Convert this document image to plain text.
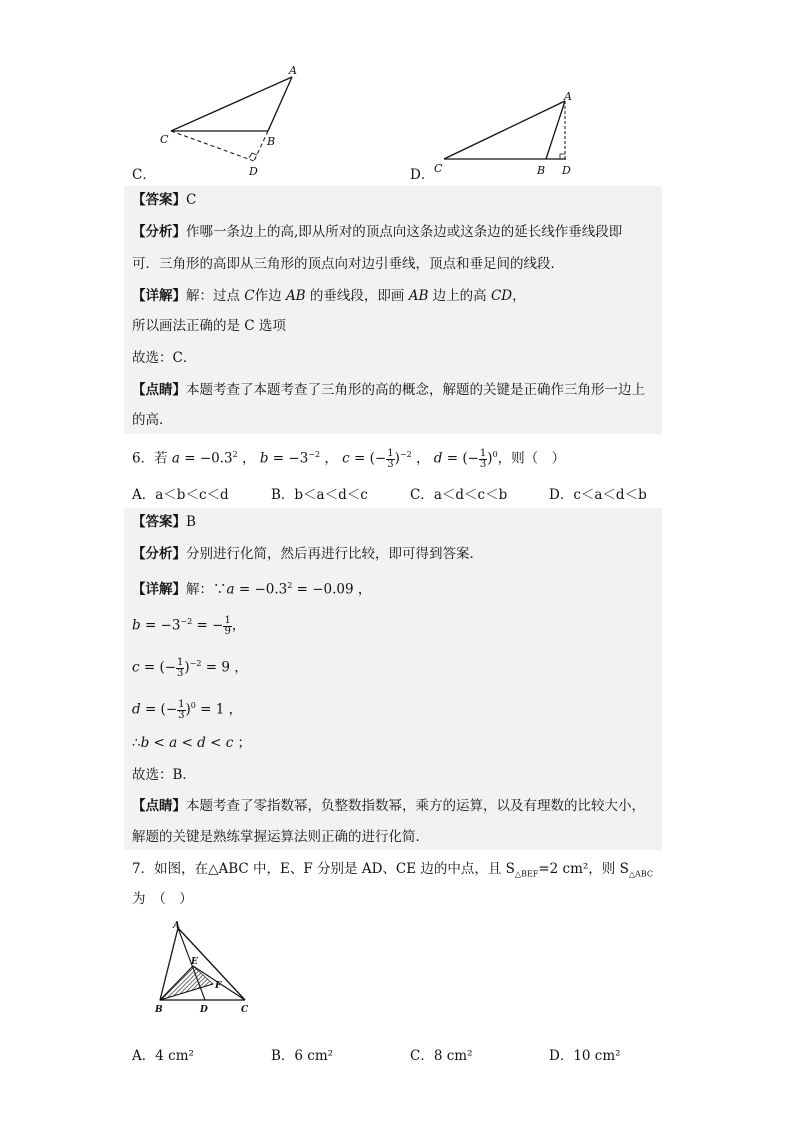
A
C	B
D
A
C	B D
C．	D．
【答案】C
【分析】作哪一条边上的高,即从所对的顶点向这条边或这条边的延长线作垂线段即
可．三角形的高即从三角形的顶点向对边引垂线，顶点和垂足间的线段．
【详解】解：过点 C作边 AB 的垂线段，即画 AB 边上的高 CD，
所以画法正确的是 C 选项
故选：C．
【点睛】本题考查了本题考查了三角形的高的概念，解题的关键是正确作三角形一边上
的高．
6．若 $a = -0.3^2$ ， $b = -3^{-2}$ ， c = (− $\frac{1}{3} )^{-2}$ ， d = (− $\frac{1}{3} )^0$，则（　）
A．a＜b＜c＜d	B．b＜a＜d＜c	C．a＜d＜c＜b	D．c＜a＜d＜b
【答案】B
【分析】分别进行化简，然后再进行比较，即可得到答案．
【详解】解：∵a = $-0.3^2 = -0.09$ ，
$b = -3^{-2}$ = − $\frac{1}{9}$ ，
c = (− $\frac{1}{3} )^{-2} = 9$ ，
d = (− $\frac{1}{3} )^0 = 1$ ，
∴b < a < d < c ；
故选：B．
【点睛】本题考查了零指数幂，负整数指数幂，乘方的运算，以及有理数的比较大小，
解题的关键是熟练掌握运算法则正确的进行化简．
7．如图，在△ABC 中，E、F 分别是 AD、CE 边的中点，且 $S_{\triangle BEF}=2$ cm²，则 $S_{\triangle ABC}$
为　（　）
A
E
F
B	D	C
A．4 cm²	B．6 cm²	C．8 cm²	D．10 cm²
